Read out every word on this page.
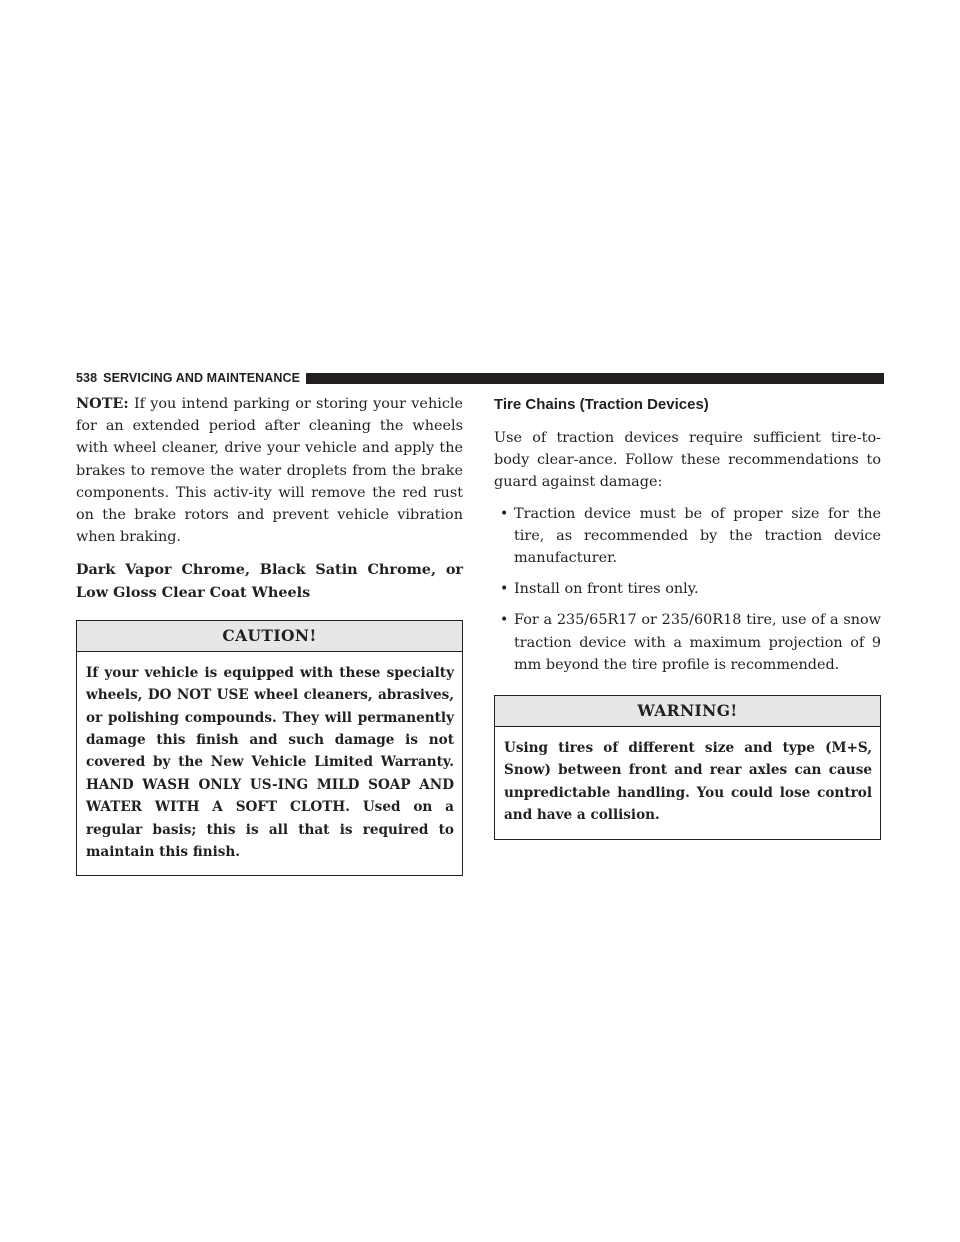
538 SERVICING AND MAINTENANCE

NOTE: If you intend parking or storing your vehicle for an extended period after cleaning the wheels with wheel cleaner, drive your vehicle and apply the brakes to remove the water droplets from the brake components. This activ-ity will remove the red rust on the brake rotors and prevent vehicle vibration when braking.

Dark Vapor Chrome, Black Satin Chrome, or Low Gloss Clear Coat Wheels

CAUTION!
If your vehicle is equipped with these specialty wheels, DO NOT USE wheel cleaners, abrasives, or polishing compounds. They will permanently damage this finish and such damage is not covered by the New Vehicle Limited Warranty. HAND WASH ONLY US-ING MILD SOAP AND WATER WITH A SOFT CLOTH. Used on a regular basis; this is all that is required to maintain this finish.
Tire Chains (Traction Devices)

Use of traction devices require sufficient tire-to-body clear-ance. Follow these recommendations to guard against damage:

• Traction device must be of proper size for the tire, as recommended by the traction device manufacturer.
• Install on front tires only.
• For a 235/65R17 or 235/60R18 tire, use of a snow traction device with a maximum projection of 9 mm beyond the tire profile is recommended.
WARNING!
Using tires of different size and type (M+S, Snow) between front and rear axles can cause unpredictable handling. You could lose control and have a collision.
